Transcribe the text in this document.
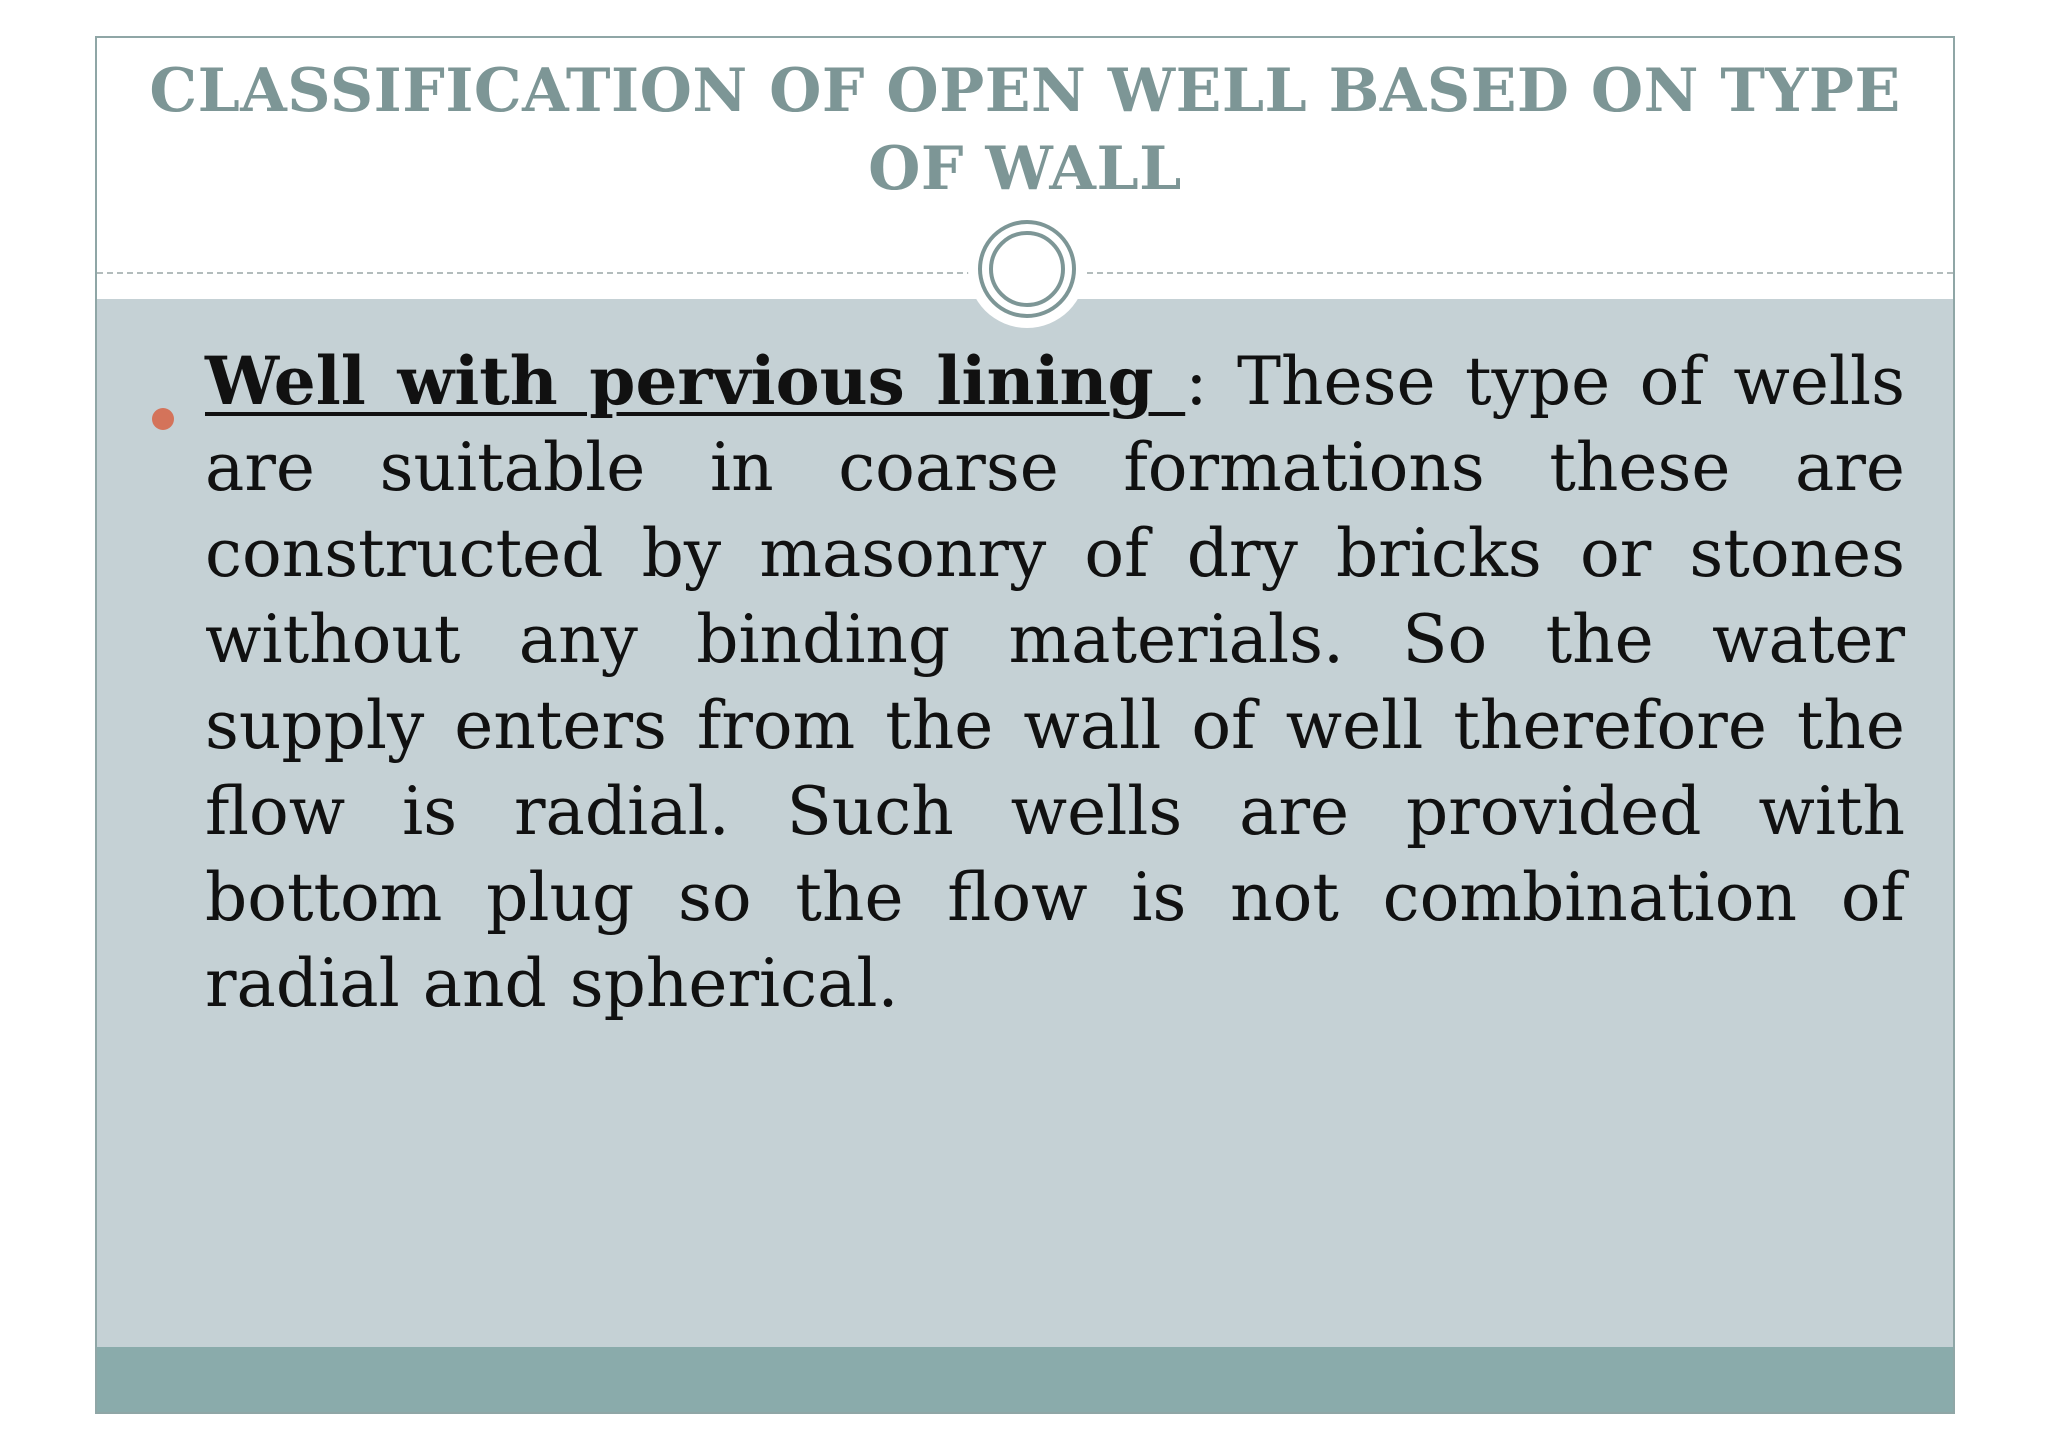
CLASSIFICATION OF OPEN WELL BASED ON TYPE OF WALL
Well with pervious lining : These type of wells are suitable in coarse formations these are constructed by masonry of dry bricks or stones without any binding materials. So the water supply enters from the wall of well therefore the flow is radial. Such wells are provided with bottom plug so the flow is not combination of radial and spherical.
